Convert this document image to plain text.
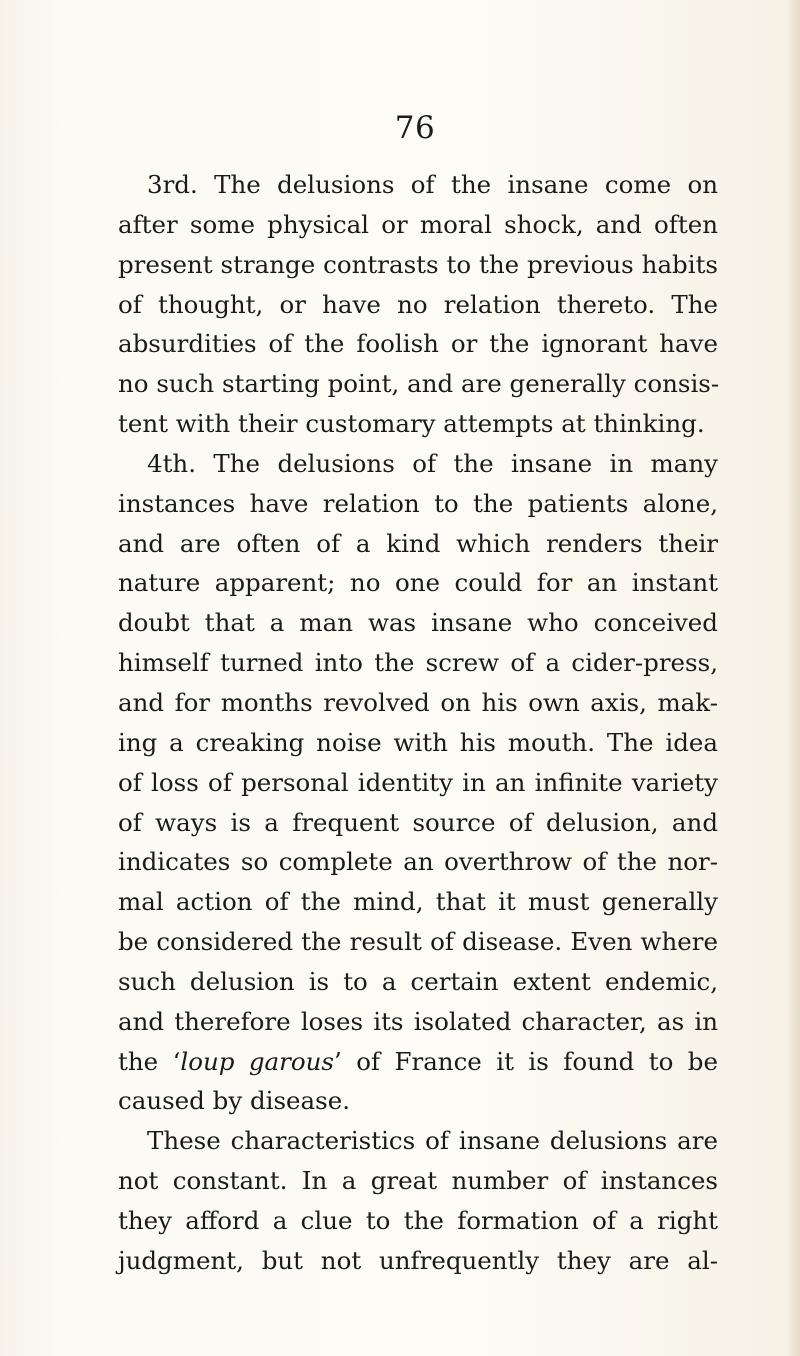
76
3rd. The delusions of the insane come on
after some physical or moral shock, and often
present strange contrasts to the previous habits
of thought, or have no relation thereto. The
absurdities of the foolish or the ignorant have
no such starting point, and are generally consis-
tent with their customary attempts at thinking.
4th. The delusions of the insane in many
instances have relation to the patients alone,
and are often of a kind which renders their
nature apparent; no one could for an instant
doubt that a man was insane who conceived
himself turned into the screw of a cider-press,
and for months revolved on his own axis, mak-
ing a creaking noise with his mouth. The idea
of loss of personal identity in an infinite variety
of ways is a frequent source of delusion, and
indicates so complete an overthrow of the nor-
mal action of the mind, that it must generally
be considered the result of disease. Even where
such delusion is to a certain extent endemic,
and therefore loses its isolated character, as in
the ‘loup garous’ of France it is found to be
caused by disease.
These characteristics of insane delusions are
not constant. In a great number of instances
they afford a clue to the formation of a right
judgment, but not unfrequently they are al-
